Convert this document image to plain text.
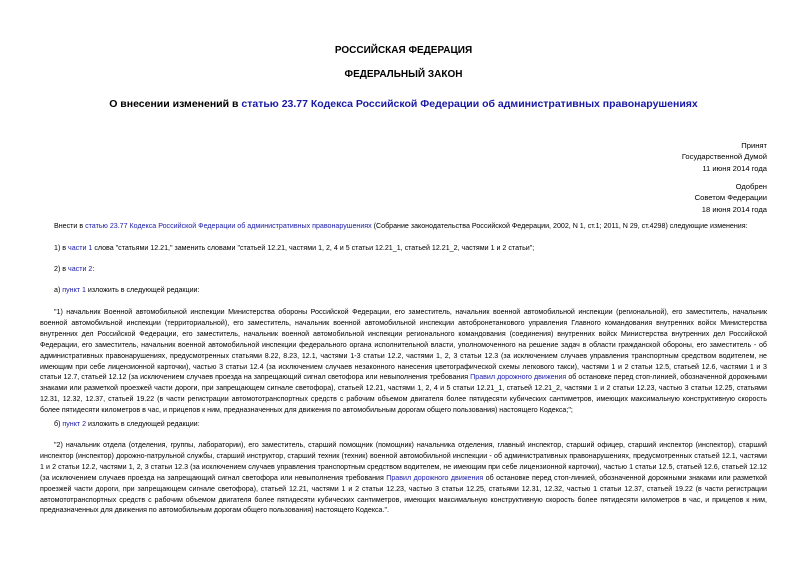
РОССИЙСКАЯ ФЕДЕРАЦИЯ
ФЕДЕРАЛЬНЫЙ ЗАКОН
О внесении изменений в статью 23.77 Кодекса Российской Федерации об административных правонарушениях
Принят
Государственной Думой
11 июня 2014 года
Одобрен
Советом Федерации
18 июня 2014 года
Внести в статью 23.77 Кодекса Российской Федерации об административных правонарушениях (Собрание законодательства Российской Федерации, 2002, N 1, ст.1; 2011, N 29, ст.4298) следующие изменения:
1) в части 1 слова "статьями 12.21," заменить словами "статьей 12.21, частями 1, 2, 4 и 5 статьи 12.21_1, статьей 12.21_2, частями 1 и 2 статьи";
2) в части 2:
а) пункт 1 изложить в следующей редакции:
"1) начальник Военной автомобильной инспекции Министерства обороны Российской Федерации, его заместитель, начальник военной автомобильной инспекции (региональной), его заместитель, начальник военной автомобильной инспекции (территориальной), его заместитель, начальник военной автомобильной инспекции автобронетанкового управления Главного командования внутренних войск Министерства внутренних дел Российской Федерации, его заместитель, начальник военной автомобильной инспекции регионального командования (соединения) внутренних войск Министерства внутренних дел Российской Федерации, его заместитель, начальник военной автомобильной инспекции федерального органа исполнительной власти, уполномоченного на решение задач в области гражданской обороны, его заместитель - об административных правонарушениях, предусмотренных статьями 8.22, 8.23, 12.1, частями 1-3 статьи 12.2, частями 1, 2, 3 статьи 12.3 (за исключением случаев управления транспортным средством водителем, не имеющим при себе лицензионной карточки), частью 3 статьи 12.4 (за исключением случаев незаконного нанесения цветографической схемы легкового такси), частями 1 и 2 статьи 12.5, статьей 12.6, частями 1 и 3 статьи 12.7, статьей 12.12 (за исключением случаев проезда на запрещающий сигнал светофора или невыполнения требования Правил дорожного движения об остановке перед стоп-линией, обозначенной дорожными знаками или разметкой проезжей части дороги, при запрещающем сигнале светофора), статьей 12.21, частями 1, 2, 4 и 5 статьи 12.21_1, статьей 12.21_2, частями 1 и 2 статьи 12.23, частью 3 статьи 12.25, статьями 12.31, 12.32, 12.37, статьей 19.22 (в части регистрации автомототранспортных средств с рабочим объемом двигателя более пятидесяти кубических сантиметров, имеющих максимальную конструктивную скорость более пятидесяти километров в час, и прицепов к ним, предназначенных для движения по автомобильным дорогам общего пользования) настоящего Кодекса;";
б) пункт 2 изложить в следующей редакции:
"2) начальник отдела (отделения, группы, лаборатории), его заместитель, старший помощник (помощник) начальника отделения, главный инспектор, старший офицер, старший инспектор (инспектор), старший инспектор (инспектор) дорожно-патрульной службы, старший инструктор, старший техник (техник) военной автомобильной инспекции - об административных правонарушениях, предусмотренных статьей 12.1, частями 1 и 2 статьи 12.2, частями 1, 2, 3 статьи 12.3 (за исключением случаев управления транспортным средством водителем, не имеющим при себе лицензионной карточки), частью 1 статьи 12.5, статьей 12.6, статьей 12.12 (за исключением случаев проезда на запрещающий сигнал светофора или невыполнения требования Правил дорожного движения об остановке перед стоп-линией, обозначенной дорожными знаками или разметкой проезжей части дороги, при запрещающем сигнале светофора), статьей 12.21, частями 1 и 2 статьи 12.23, частью 3 статьи 12.25, статьями 12.31, 12.32, частью 1 статьи 12.37, статьей 19.22 (в части регистрации автомототранспортных средств с рабочим объемом двигателя более пятидесяти кубических сантиметров, имеющих максимальную конструктивную скорость более пятидесяти километров в час, и прицепов к ним, предназначенных для движения по автомобильным дорогам общего пользования) настоящего Кодекса.".
